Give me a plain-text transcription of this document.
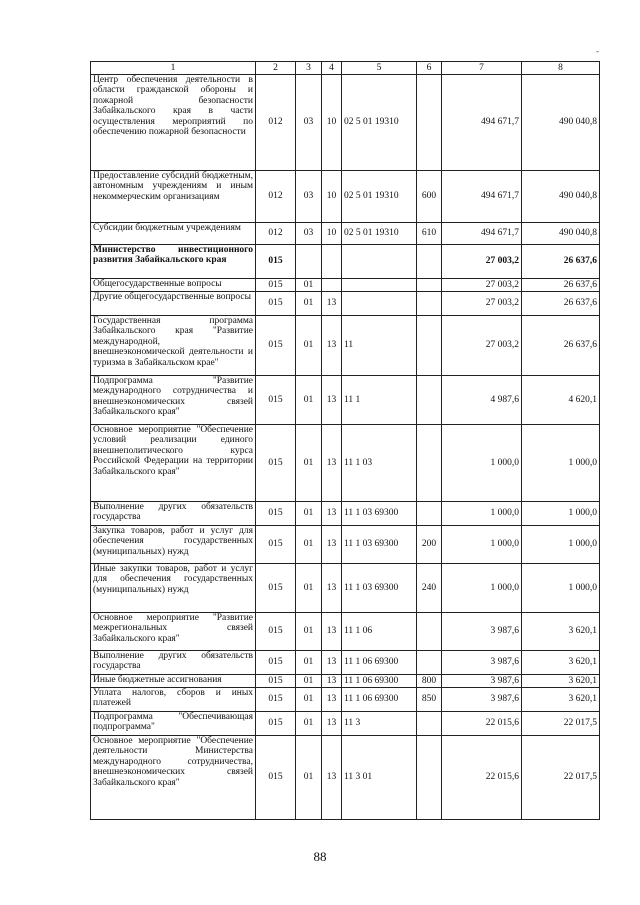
-
1	2	3	4	5	6	7	8
Центр обеспечения деятельности в области гражданской обороны и пожарной безопасности Забайкальского края в части осуществления мероприятий по обеспечению пожарной безопасности	012	03	10	02 5 01 19310		494 671,7	490 040,8
Предоставление субсидий бюджетным, автономным учреждениям и иным некоммерческим организациям	012	03	10	02 5 01 19310	600	494 671,7	490 040,8
Субсидии бюджетным учреждениям	012	03	10	02 5 01 19310	610	494 671,7	490 040,8
Министерство инвестиционного развития Забайкальского края	015					27 003,2	26 637,6
Общегосударственные вопросы	015	01				27 003,2	26 637,6
Другие общегосударственные вопросы	015	01	13			27 003,2	26 637,6
Государственная программа Забайкальского края "Развитие международной, внешнеэкономической деятельности и туризма в Забайкальском крае"	015	01	13	11		27 003,2	26 637,6
Подпрограмма "Развитие международного сотрудничества и внешнеэкономических связей Забайкальского края"	015	01	13	11 1		4 987,6	4 620,1
Основное мероприятие "Обеспечение условий реализации единого внешнеполитического курса Российской Федерации на территории Забайкальского края"	015	01	13	11 1 03		1 000,0	1 000,0
Выполнение других обязательств государства	015	01	13	11 1 03 69300		1 000,0	1 000,0
Закупка товаров, работ и услуг для обеспечения государственных (муниципальных) нужд	015	01	13	11 1 03 69300	200	1 000,0	1 000,0
Иные закупки товаров, работ и услуг для обеспечения государственных (муниципальных) нужд	015	01	13	11 1 03 69300	240	1 000,0	1 000,0
Основное мероприятие "Развитие межрегиональных связей Забайкальского края"	015	01	13	11 1 06		3 987,6	3 620,1
Выполнение других обязательств государства	015	01	13	11 1 06 69300		3 987,6	3 620,1
Иные бюджетные ассигнования	015	01	13	11 1 06 69300	800	3 987,6	3 620,1
Уплата налогов, сборов и иных платежей	015	01	13	11 1 06 69300	850	3 987,6	3 620,1
Подпрограмма "Обеспечивающая подпрограмма"	015	01	13	11 3		22 015,6	22 017,5
Основное мероприятие "Обеспечение деятельности Министерства международного сотрудничества, внешнеэкономических связей Забайкальского края"	015	01	13	11 3 01		22 015,6	22 017,5
88
